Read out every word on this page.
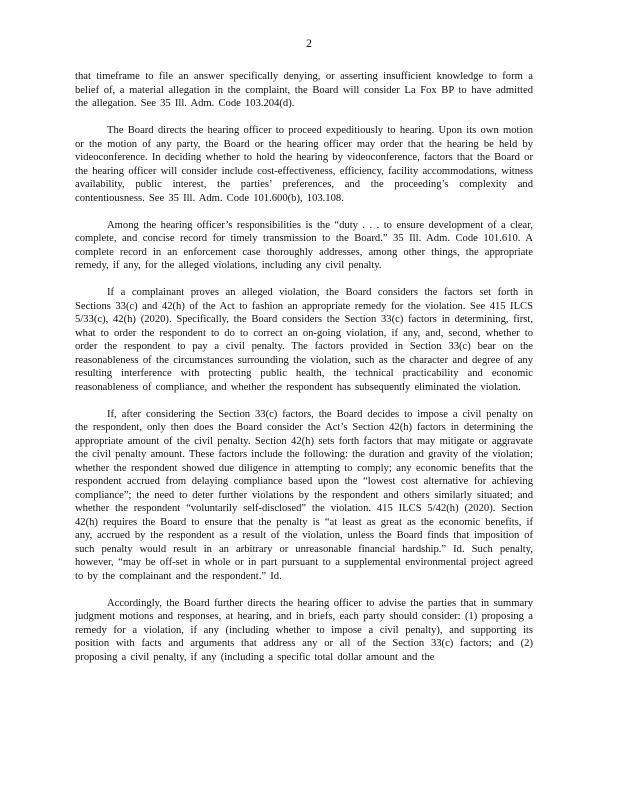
2

that timeframe to file an answer specifically denying, or asserting insufficient knowledge to form a belief of, a material allegation in the complaint, the Board will consider La Fox BP to have admitted the allegation. See 35 Ill. Adm. Code 103.204(d).

The Board directs the hearing officer to proceed expeditiously to hearing. Upon its own motion or the motion of any party, the Board or the hearing officer may order that the hearing be held by videoconference. In deciding whether to hold the hearing by videoconference, factors that the Board or the hearing officer will consider include cost-effectiveness, efficiency, facility accommodations, witness availability, public interest, the parties’ preferences, and the proceeding’s complexity and contentiousness. See 35 Ill. Adm. Code 101.600(b), 103.108.

Among the hearing officer’s responsibilities is the “duty . . . to ensure development of a clear, complete, and concise record for timely transmission to the Board.” 35 Ill. Adm. Code 101.610. A complete record in an enforcement case thoroughly addresses, among other things, the appropriate remedy, if any, for the alleged violations, including any civil penalty.

If a complainant proves an alleged violation, the Board considers the factors set forth in Sections 33(c) and 42(h) of the Act to fashion an appropriate remedy for the violation. See 415 ILCS 5/33(c), 42(h) (2020). Specifically, the Board considers the Section 33(c) factors in determining, first, what to order the respondent to do to correct an on-going violation, if any, and, second, whether to order the respondent to pay a civil penalty. The factors provided in Section 33(c) bear on the reasonableness of the circumstances surrounding the violation, such as the character and degree of any resulting interference with protecting public health, the technical practicability and economic reasonableness of compliance, and whether the respondent has subsequently eliminated the violation.

If, after considering the Section 33(c) factors, the Board decides to impose a civil penalty on the respondent, only then does the Board consider the Act’s Section 42(h) factors in determining the appropriate amount of the civil penalty. Section 42(h) sets forth factors that may mitigate or aggravate the civil penalty amount. These factors include the following: the duration and gravity of the violation; whether the respondent showed due diligence in attempting to comply; any economic benefits that the respondent accrued from delaying compliance based upon the “lowest cost alternative for achieving compliance”; the need to deter further violations by the respondent and others similarly situated; and whether the respondent “voluntarily self-disclosed” the violation. 415 ILCS 5/42(h) (2020). Section 42(h) requires the Board to ensure that the penalty is “at least as great as the economic benefits, if any, accrued by the respondent as a result of the violation, unless the Board finds that imposition of such penalty would result in an arbitrary or unreasonable financial hardship.” Id. Such penalty, however, “may be off-set in whole or in part pursuant to a supplemental environmental project agreed to by the complainant and the respondent.” Id.

Accordingly, the Board further directs the hearing officer to advise the parties that in summary judgment motions and responses, at hearing, and in briefs, each party should consider: (1) proposing a remedy for a violation, if any (including whether to impose a civil penalty), and supporting its position with facts and arguments that address any or all of the Section 33(c) factors; and (2) proposing a civil penalty, if any (including a specific total dollar amount and the
